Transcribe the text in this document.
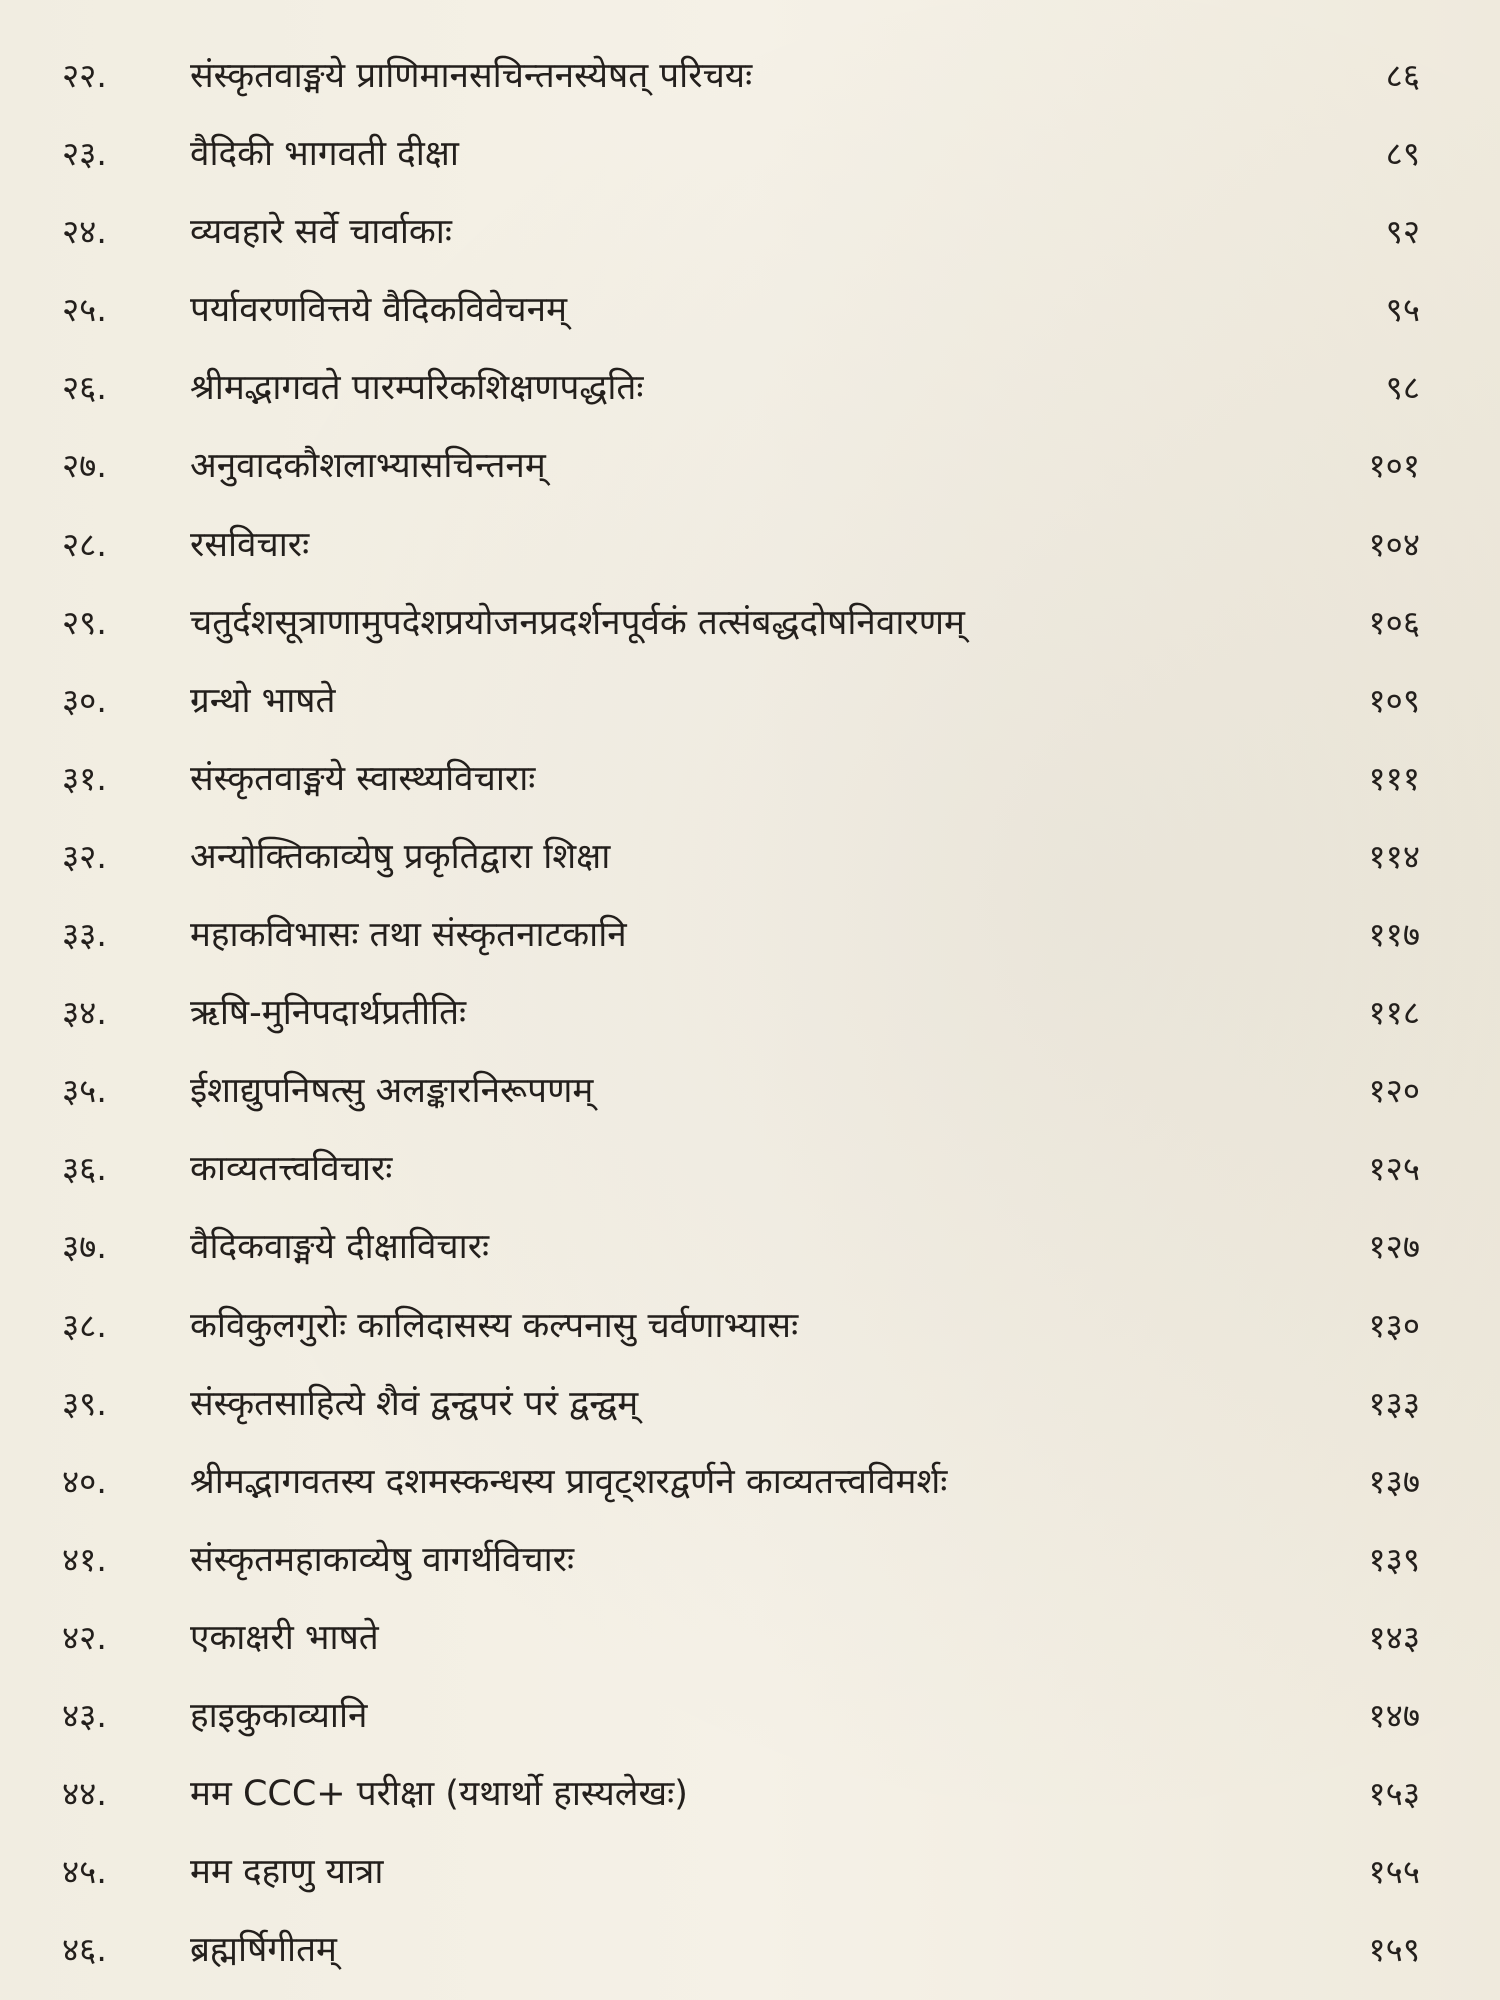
२२. संस्कृतवाङ्मये प्राणिमानसचिन्तनस्येषत् परिचयः	८६
२३. वैदिकी भागवती दीक्षा	८९
२४. व्यवहारे सर्वे चार्वाकाः	९२
२५. पर्यावरणवित्तये वैदिकविवेचनम्	९५
२६. श्रीमद्भागवते पारम्परिकशिक्षणपद्धतिः	९८
२७. अनुवादकौशलाभ्यासचिन्तनम्	१०१
२८. रसविचारः	१०४
२९. चतुर्दशसूत्राणामुपदेशप्रयोजनप्रदर्शनपूर्वकं तत्संबद्धदोषनिवारणम्	१०६
३०. ग्रन्थो भाषते	१०९
३१. संस्कृतवाङ्मये स्वास्थ्यविचाराः	१११
३२. अन्योक्तिकाव्येषु प्रकृतिद्वारा शिक्षा	११४
३३. महाकविभासः तथा संस्कृतनाटकानि	११७
३४. ऋषि-मुनिपदार्थप्रतीतिः	११८
३५. ईशाद्युपनिषत्सु अलङ्कारनिरूपणम्	१२०
३६. काव्यतत्त्वविचारः	१२५
३७. वैदिकवाङ्मये दीक्षाविचारः	१२७
३८. कविकुलगुरोः कालिदासस्य कल्पनासु चर्वणाभ्यासः	१३०
३९. संस्कृतसाहित्ये शैवं द्वन्द्वपरं परं द्वन्द्वम्	१३३
४०. श्रीमद्भागवतस्य दशमस्कन्धस्य प्रावृट्शरद्वर्णने काव्यतत्त्वविमर्शः	१३७
४१. संस्कृतमहाकाव्येषु वागर्थविचारः	१३९
४२. एकाक्षरी भाषते	१४३
४३. हाइकुकाव्यानि	१४७
४४. मम CCC+ परीक्षा (यथार्थो हास्यलेखः)	१५३
४५. मम दहाणु यात्रा	१५५
४६. ब्रह्मर्षिगीतम्	१५९
